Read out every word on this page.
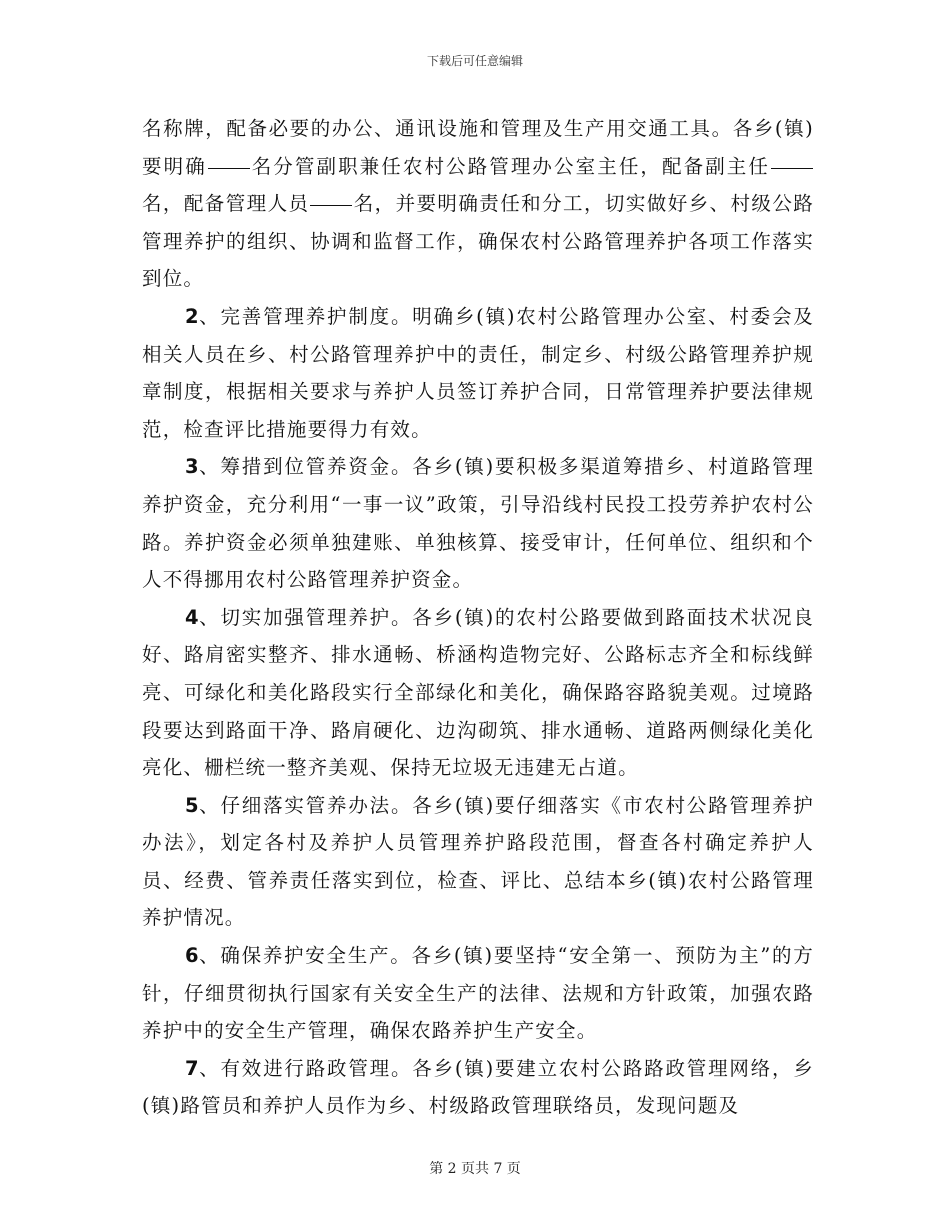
下载后可任意编辑

名称牌，配备必要的办公、通讯设施和管理及生产用交通工具。各乡(镇)要明确 名分管副职兼任农村公路管理办公室主任，配备副主任名，配备管理人员 名，并要明确责任和分工，切实做好乡、村级公路管理养护的组织、协调和监督工作，确保农村公路管理养护各项工作落实到位。

2、完善管理养护制度。明确乡(镇)农村公路管理办公室、村委会及相关人员在乡、村公路管理养护中的责任，制定乡、村级公路管理养护规章制度，根据相关要求与养护人员签订养护合同，日常管理养护要法律规范，检查评比措施要得力有效。

3、筹措到位管养资金。各乡(镇)要积极多渠道筹措乡、村道路管理养护资金，充分利用“一事一议”政策，引导沿线村民投工投劳养护农村公路。养护资金必须单独建账、单独核算、接受审计，任何单位、组织和个人不得挪用农村公路管理养护资金。

4、切实加强管理养护。各乡(镇)的农村公路要做到路面技术状况良好、路肩密实整齐、排水通畅、桥涵构造物完好、公路标志齐全和标线鲜亮、可绿化和美化路段实行全部绿化和美化，确保路容路貌美观。过境路段要达到路面干净、路肩硬化、边沟砌筑、排水通畅、道路两侧绿化美化亮化、栅栏统一整齐美观、保持无垃圾无违建无占道。

5、仔细落实管养办法。各乡(镇)要仔细落实《市农村公路管理养护办法》，划定各村及养护人员管理养护路段范围，督查各村确定养护人员、经费、管养责任落实到位，检查、评比、总结本乡(镇)农村公路管理养护情况。

6、确保养护安全生产。各乡(镇)要坚持“安全第一、预防为主”的方针，仔细贯彻执行国家有关安全生产的法律、法规和方针政策，加强农路养护中的安全生产管理，确保农路养护生产安全。

7、有效进行路政管理。各乡(镇)要建立农村公路路政管理网络，乡(镇)路管员和养护人员作为乡、村级路政管理联络员，发现问题及

第 2 页共 7 页
